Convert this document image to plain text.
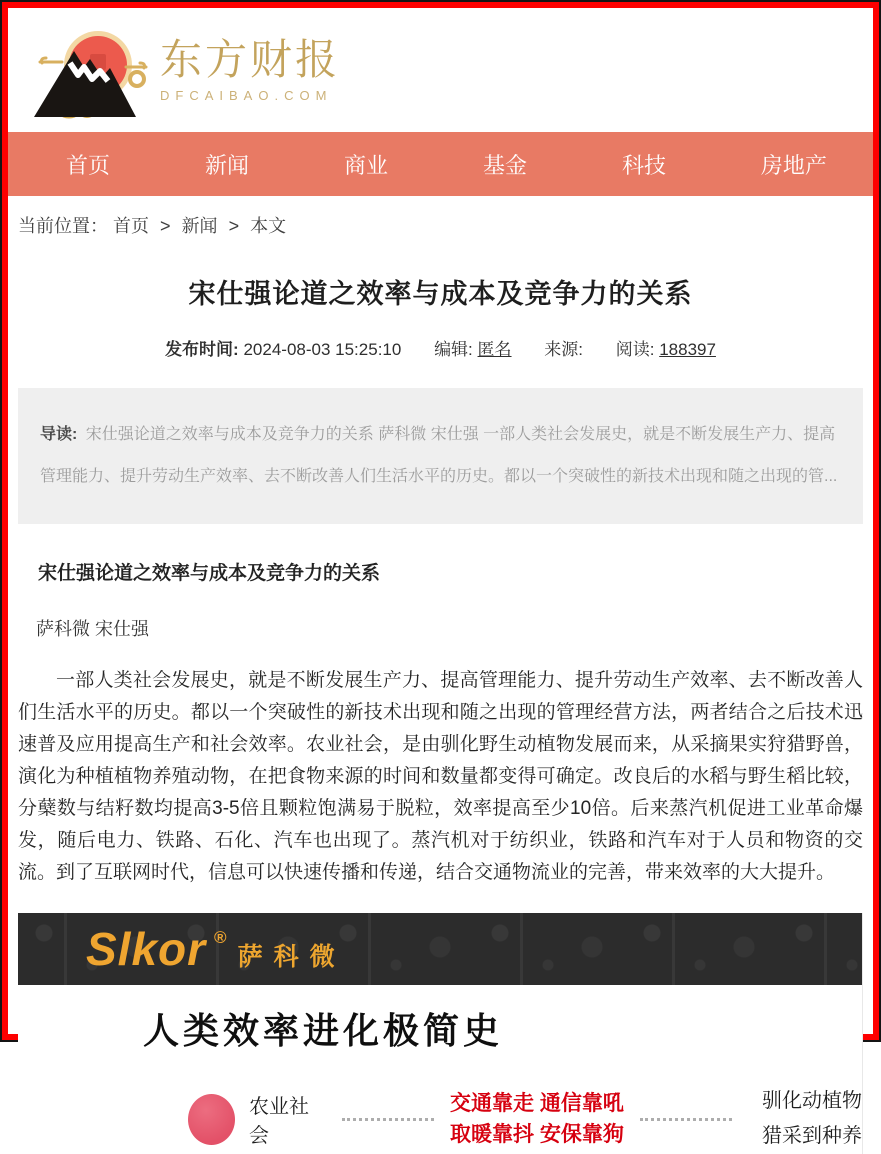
东方财报
DFCAIBAO.COM
首页	新闻	商业	基金	科技	房地产
当前位置： 首页 > 新闻 > 本文
宋仕强论道之效率与成本及竞争力的关系
发布时间: 2024-08-03 15:25:10 编辑: 匿名 来源: 阅读: 188397
导读: 宋仕强论道之效率与成本及竞争力的关系 萨科微 宋仕强 一部人类社会发展史，就是不断发展生产力、提高管理能力、提升劳动生产效率、去不断改善人们生活水平的历史。都以一个突破性的新技术出现和随之出现的管...
宋仕强论道之效率与成本及竞争力的关系
萨科微 宋仕强

一部人类社会发展史，就是不断发展生产力、提高管理能力、提升劳动生产效率、去不断改善人们生活水平的历史。都以一个突破性的新技术出现和随之出现的管理经营方法，两者结合之后技术迅速普及应用提高生产和社会效率。农业社会，是由驯化野生动植物发展而来，从采摘果实狩猎野兽，演化为种植植物养殖动物，在把食物来源的时间和数量都变得可确定。改良后的水稻与野生稻比较，分蘖数与结籽数均提高3-5倍且颗粒饱满易于脱粒，效率提高至少10倍。后来蒸汽机促进工业革命爆发，随后电力、铁路、石化、汽车也出现了。蒸汽机对于纺织业，铁路和汽车对于人员和物资的交流。到了互联网时代，信息可以快速传播和传递，结合交通物流业的完善，带来效率的大大提升。

Slkor ®
萨科微
人类效率进化极简史
农业社会
交通靠走 通信靠吼
取暖靠抖 安保靠狗
驯化动植物
猎采到种养
